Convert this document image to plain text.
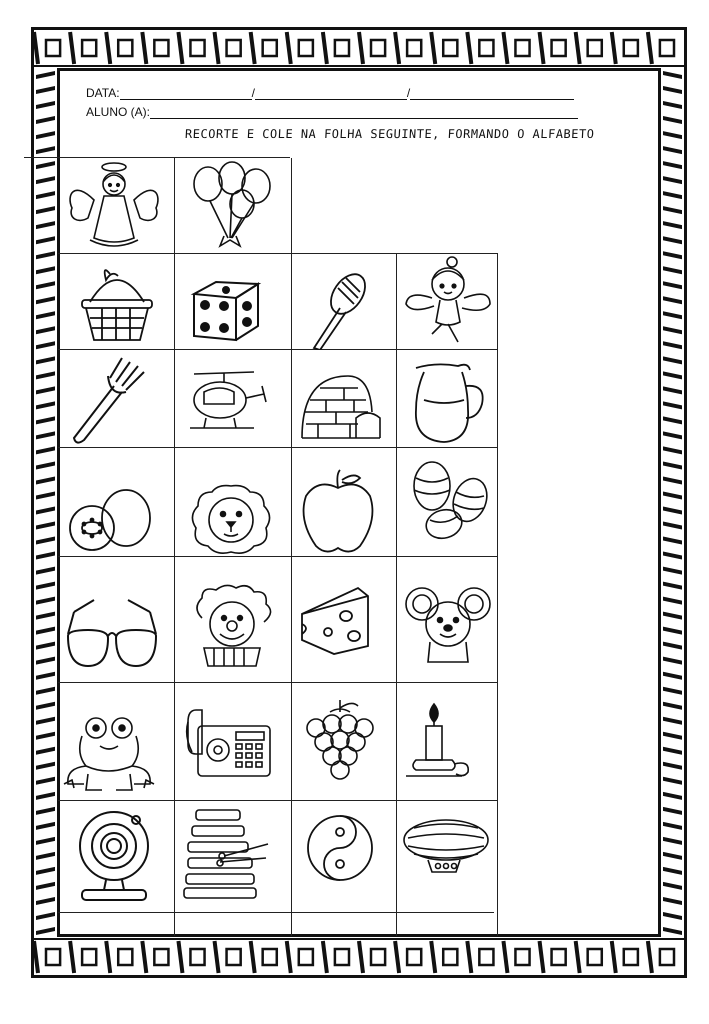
DATA:	/	/
ALUNO (A):
RECORTE E COLE NA FOLHA SEGUINTE, FORMANDO O ALFABETO
